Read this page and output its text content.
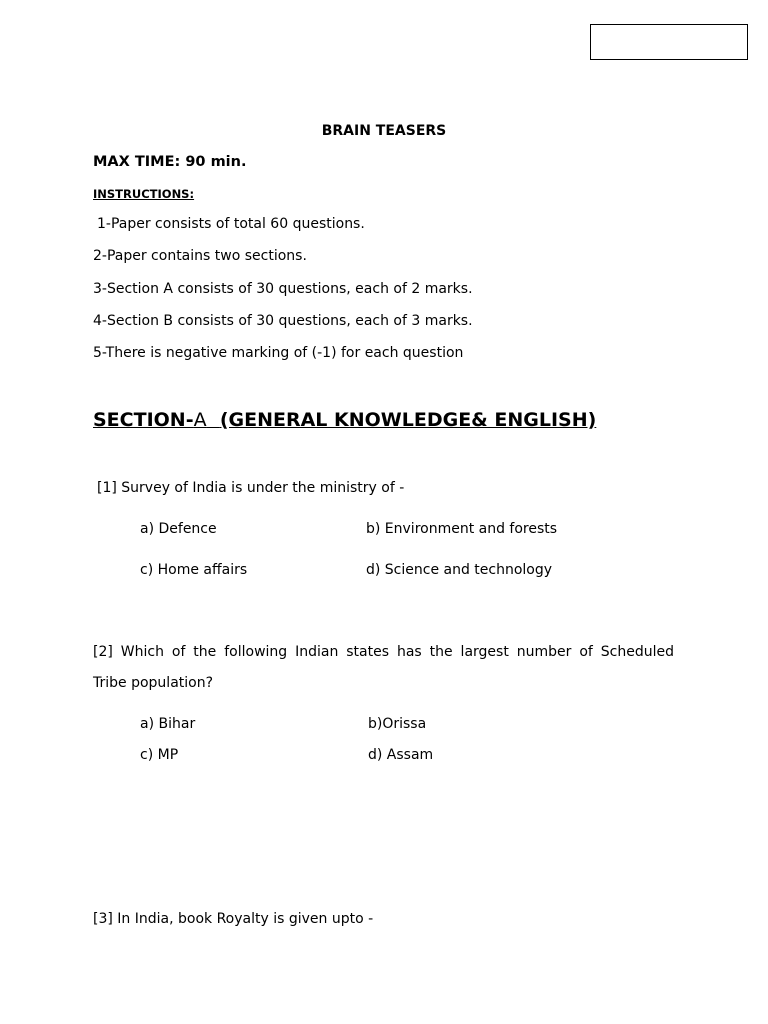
BRAIN TEASERS
MAX TIME: 90 min.
INSTRUCTIONS:
1-Paper consists of total 60 questions.
2-Paper contains two sections.
3-Section A consists of 30 questions, each of 2 marks.
4-Section B consists of 30 questions, each of 3 marks.
5-There is negative marking of (-1) for each question
SECTION-A (GENERAL KNOWLEDGE& ENGLISH)
[1] Survey of India is under the ministry of -
a) Defence	b) Environment and forests
c) Home affairs	d) Science and technology
[2] Which of the following Indian states has the largest number of Scheduled
Tribe population?
a) Bihar	b)Orissa
c) MP	d) Assam
[3] In India, book Royalty is given upto -
